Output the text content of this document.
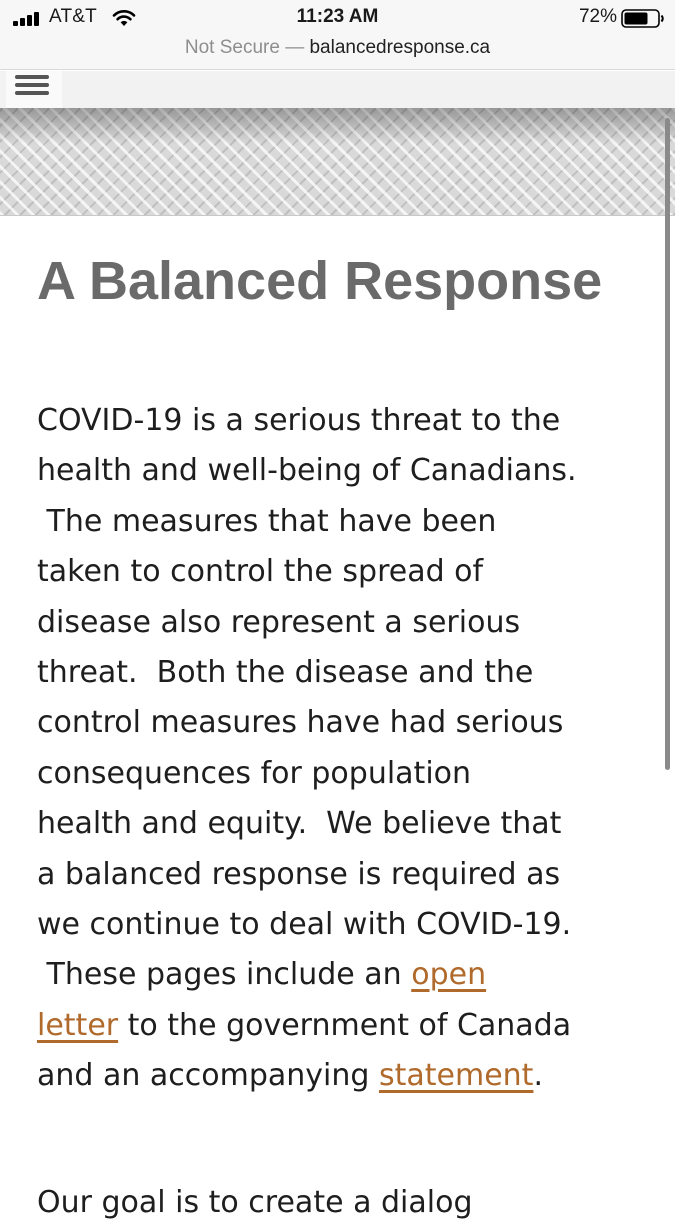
AT&T	11:23 AM	72%
Not Secure — balancedresponse.ca
A Balanced Response
COVID-19 is a serious threat to the
health and well-being of Canadians.
The measures that have been
taken to control the spread of
disease also represent a serious
threat.  Both the disease and the
control measures have had serious
consequences for population
health and equity.  We believe that
a balanced response is required as
we continue to deal with COVID-19.
These pages include an open
letter to the government of Canada
and an accompanying statement.
Our goal is to create a dialog
